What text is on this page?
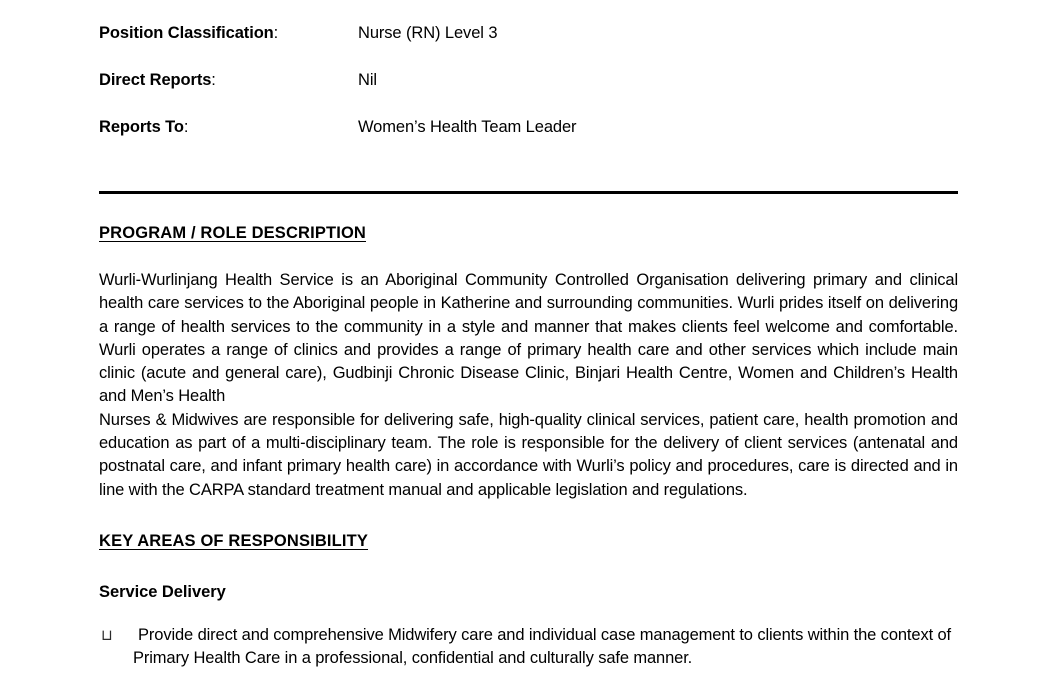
Position Classification:	Nurse (RN) Level 3
Direct Reports:	Nil
Reports To:	Women’s Health Team Leader
PROGRAM / ROLE DESCRIPTION

Wurli-Wurlinjang Health Service is an Aboriginal Community Controlled Organisation delivering primary and clinical health care services to the Aboriginal people in Katherine and surrounding communities. Wurli prides itself on delivering a range of health services to the community in a style and manner that makes clients feel welcome and comfortable. Wurli operates a range of clinics and provides a range of primary health care and other services which include main clinic (acute and general care), Gudbinji Chronic Disease Clinic, Binjari Health Centre, Women and Children’s Health and Men’s Health

Nurses & Midwives are responsible for delivering safe, high-quality clinical services, patient care, health promotion and education as part of a multi-disciplinary team. The role is responsible for the delivery of client services (antenatal and postnatal care, and infant primary health care) in accordance with Wurli’s policy and procedures, care is directed and in line with the CARPA standard treatment manual and applicable legislation and regulations.

KEY AREAS OF RESPONSIBILITY
Service Delivery
⊔	Provide direct and comprehensive Midwifery care and individual case management to clients within the context of Primary Health Care in a professional, confidential and culturally safe manner.
